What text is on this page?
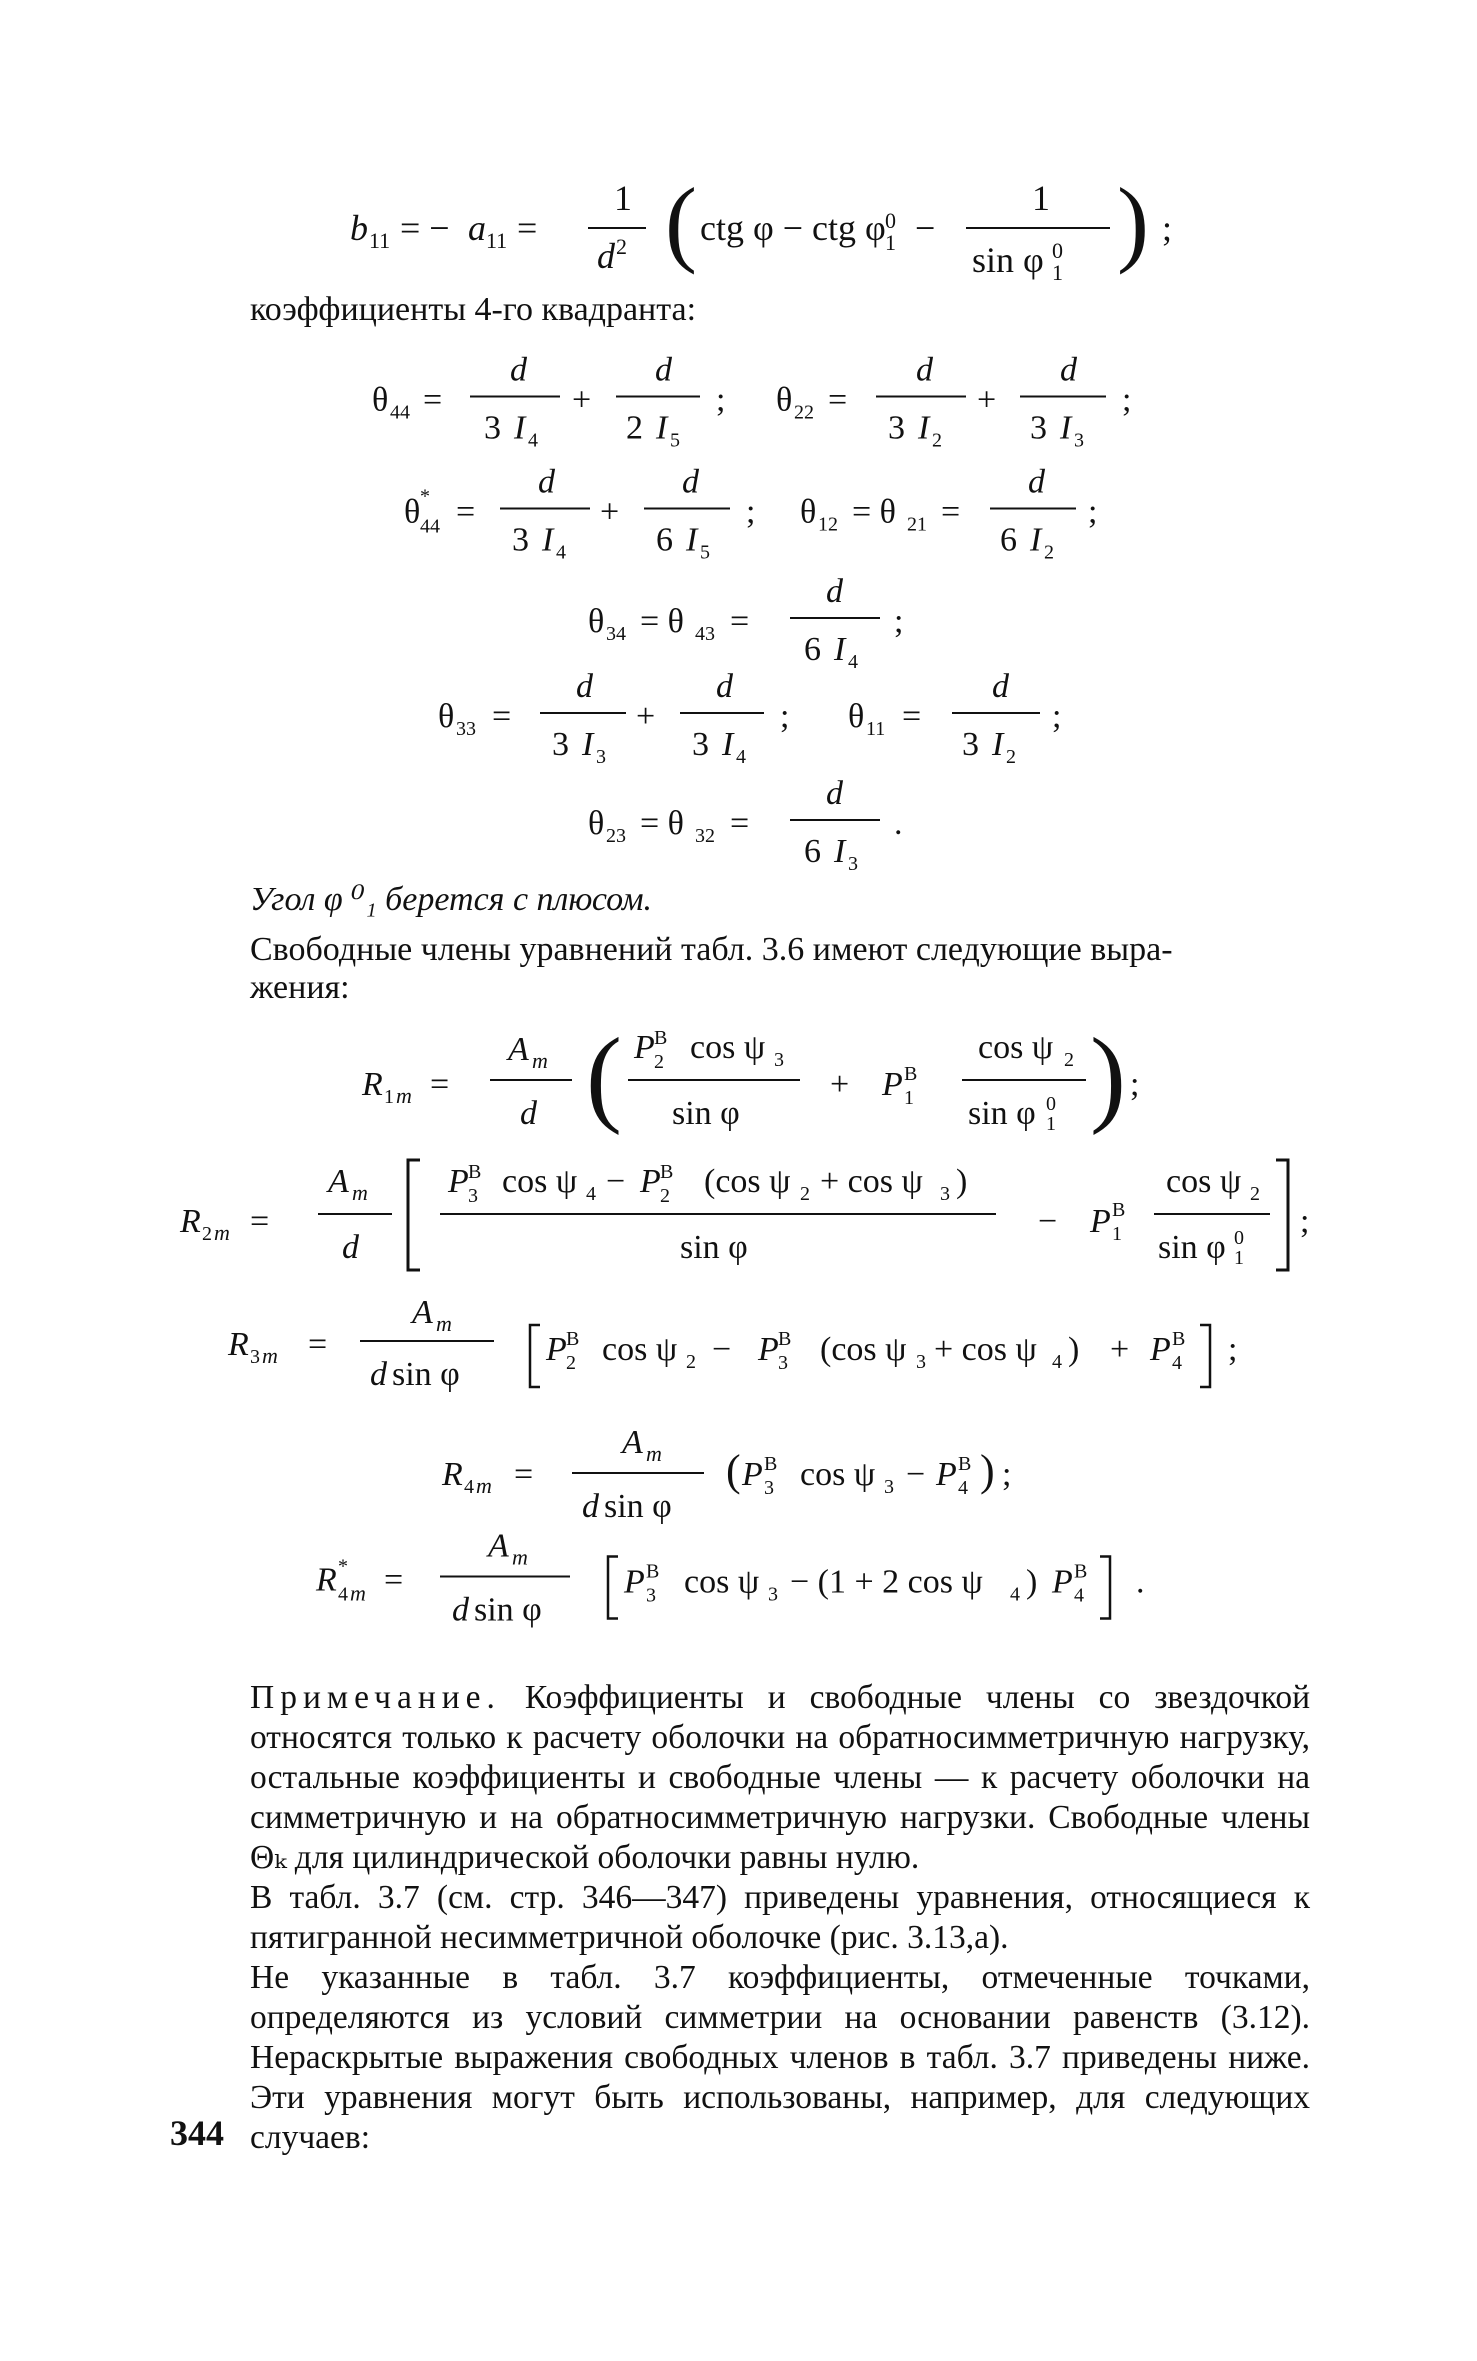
b 11 = − a 11 =
1
d 2 ( ctg φ − ctg φ 0
1 −
1
sin φ 0
1 ) ;
коэффициенты 4-го квадранта:
θ 44 =
d
3 I 4
+
d
2 I 5
; θ 22 =
d
3 I 2
+
d
3 I 3
;
θ *
44 =
d
3 I 4
+
d
6 I 5
; θ 12 = θ 21 =
d
6 I 2
;
θ 34 = θ 43 =
d
6 I 4
;
θ 33 =
d
3 I 3
+
d
3 I 4
; θ 11 =
d
3 I 2
;
θ 23 = θ 32 =
d
6 I 3
.
Угол φ ⁰₁ берется с плюсом.
Свободные члены уравнений табл. 3.6 имеют следующие выра-
жения:
R 1 m =
A m
d ( P B
2 cos ψ 3
sin φ
+ P B
1
cos ψ 2
sin φ 0
1 ) ;
R 2 m =
A m
d
P B
3 cos ψ 4 − P B
2 (cos ψ 2 + cos ψ 3 )
sin φ
− P B
1
cos ψ 2
sin φ 0
1
;
R 3 m =
A m
d sin φ
P B
2 cos ψ 2 − P B
3 (cos ψ 3 + cos ψ 4 ) + P B
4 ;
R 4 m =
A m
d sin φ
( P B
3 cos ψ 3 − P B
4 ) ;
R *
4 m =
A m
d sin φ
P B
3 cos ψ 3 − (1 + 2 cos ψ 4 ) P B
4 .
Примечание. Коэффициенты и свободные члены со звездочкой относятся только к расчету оболочки на обратносимметричную нагрузку, остальные коэффициенты и свободные члены — к расчету оболочки на симметричную и на обратносимметричную нагрузки. Свободные члены Θₖ для цилиндрической оболочки равны нулю.
В табл. 3.7 (см. стр. 346—347) приведены уравнения, относящиеся к пятигранной несимметричной оболочке (рис. 3.13,а).
Не указанные в табл. 3.7 коэффициенты, отмеченные точками, определяются из условий симметрии на основании равенств (3.12). Нераскрытые выражения свободных членов в табл. 3.7 приведены ниже. Эти уравнения могут быть использованы, например, для следующих случаев:
344
